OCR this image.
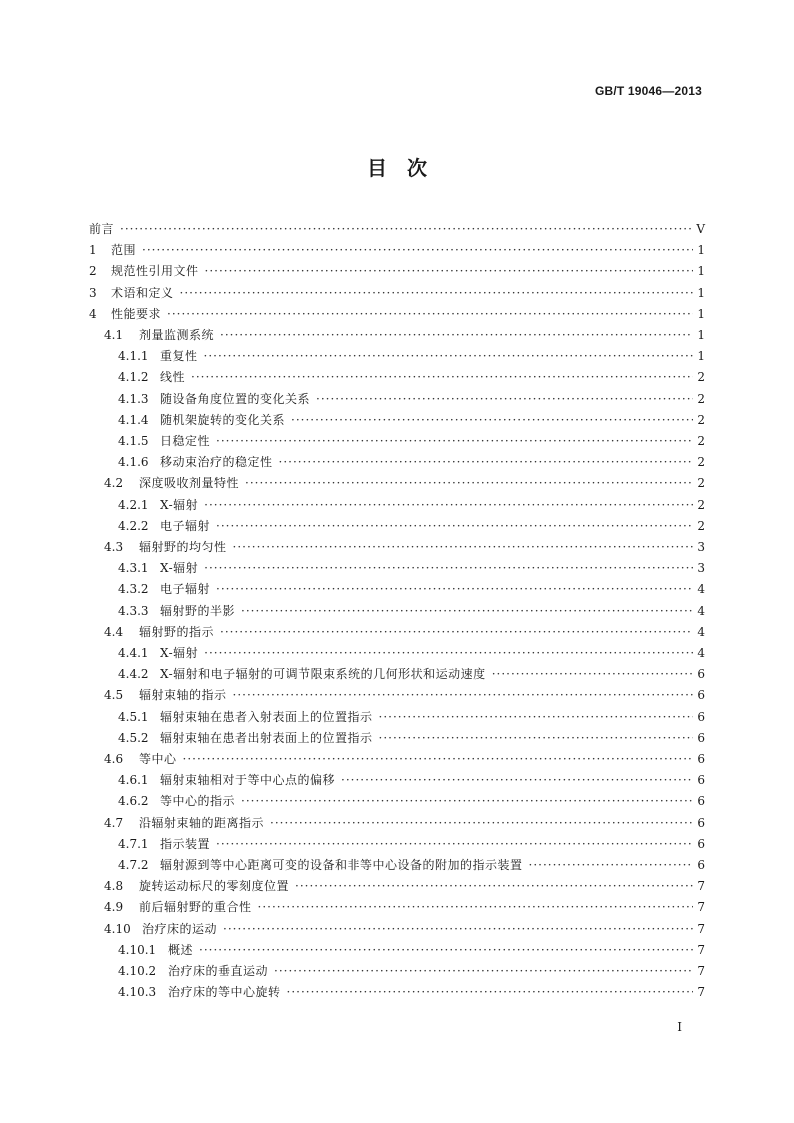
GB/T 19046—2013
目　次
前言 ·····	V
1	范围 ·····	1
2	规范性引用文件 ·····	1
3	术语和定义 ·····	1
4	性能要求 ·····	1
4.1	剂量监测系统 ·····	1
4.1.1 重复性 ·····	1
4.1.2 线性 ·····	2
4.1.3 随设备角度位置的变化关系 ·····	2
4.1.4 随机架旋转的变化关系 ·····	2
4.1.5 日稳定性 ·····	2
4.1.6 移动束治疗的稳定性 ·····	2
4.2	深度吸收剂量特性 ·····	2
4.2.1 X-辐射 ·····	2
4.2.2 电子辐射 ·····	2
4.3	辐射野的均匀性 ·····	3
4.3.1 X-辐射 ·····	3
4.3.2 电子辐射 ·····	4
4.3.3 辐射野的半影 ·····	4
4.4	辐射野的指示 ·····	4
4.4.1 X-辐射 ·····	4
4.4.2 X-辐射和电子辐射的可调节限束系统的几何形状和运动速度 ·····	6
4.5	辐射束轴的指示 ·····	6
4.5.1 辐射束轴在患者入射表面上的位置指示 ·····	6
4.5.2 辐射束轴在患者出射表面上的位置指示 ·····	6
4.6	等中心 ·····	6
4.6.1 辐射束轴相对于等中心点的偏移 ·····	6
4.6.2 等中心的指示 ·····	6
4.7	沿辐射束轴的距离指示 ·····	6
4.7.1 指示装置 ·····	6
4.7.2 辐射源到等中心距离可变的设备和非等中心设备的附加的指示装置 ·····	6
4.8	旋转运动标尺的零刻度位置 ·····	7
4.9	前后辐射野的重合性 ·····	7
4.10 治疗床的运动 ·····	7
4.10.1 概述 ·····	7
4.10.2 治疗床的垂直运动 ·····	7
4.10.3 治疗床的等中心旋转 ·····	7
I
